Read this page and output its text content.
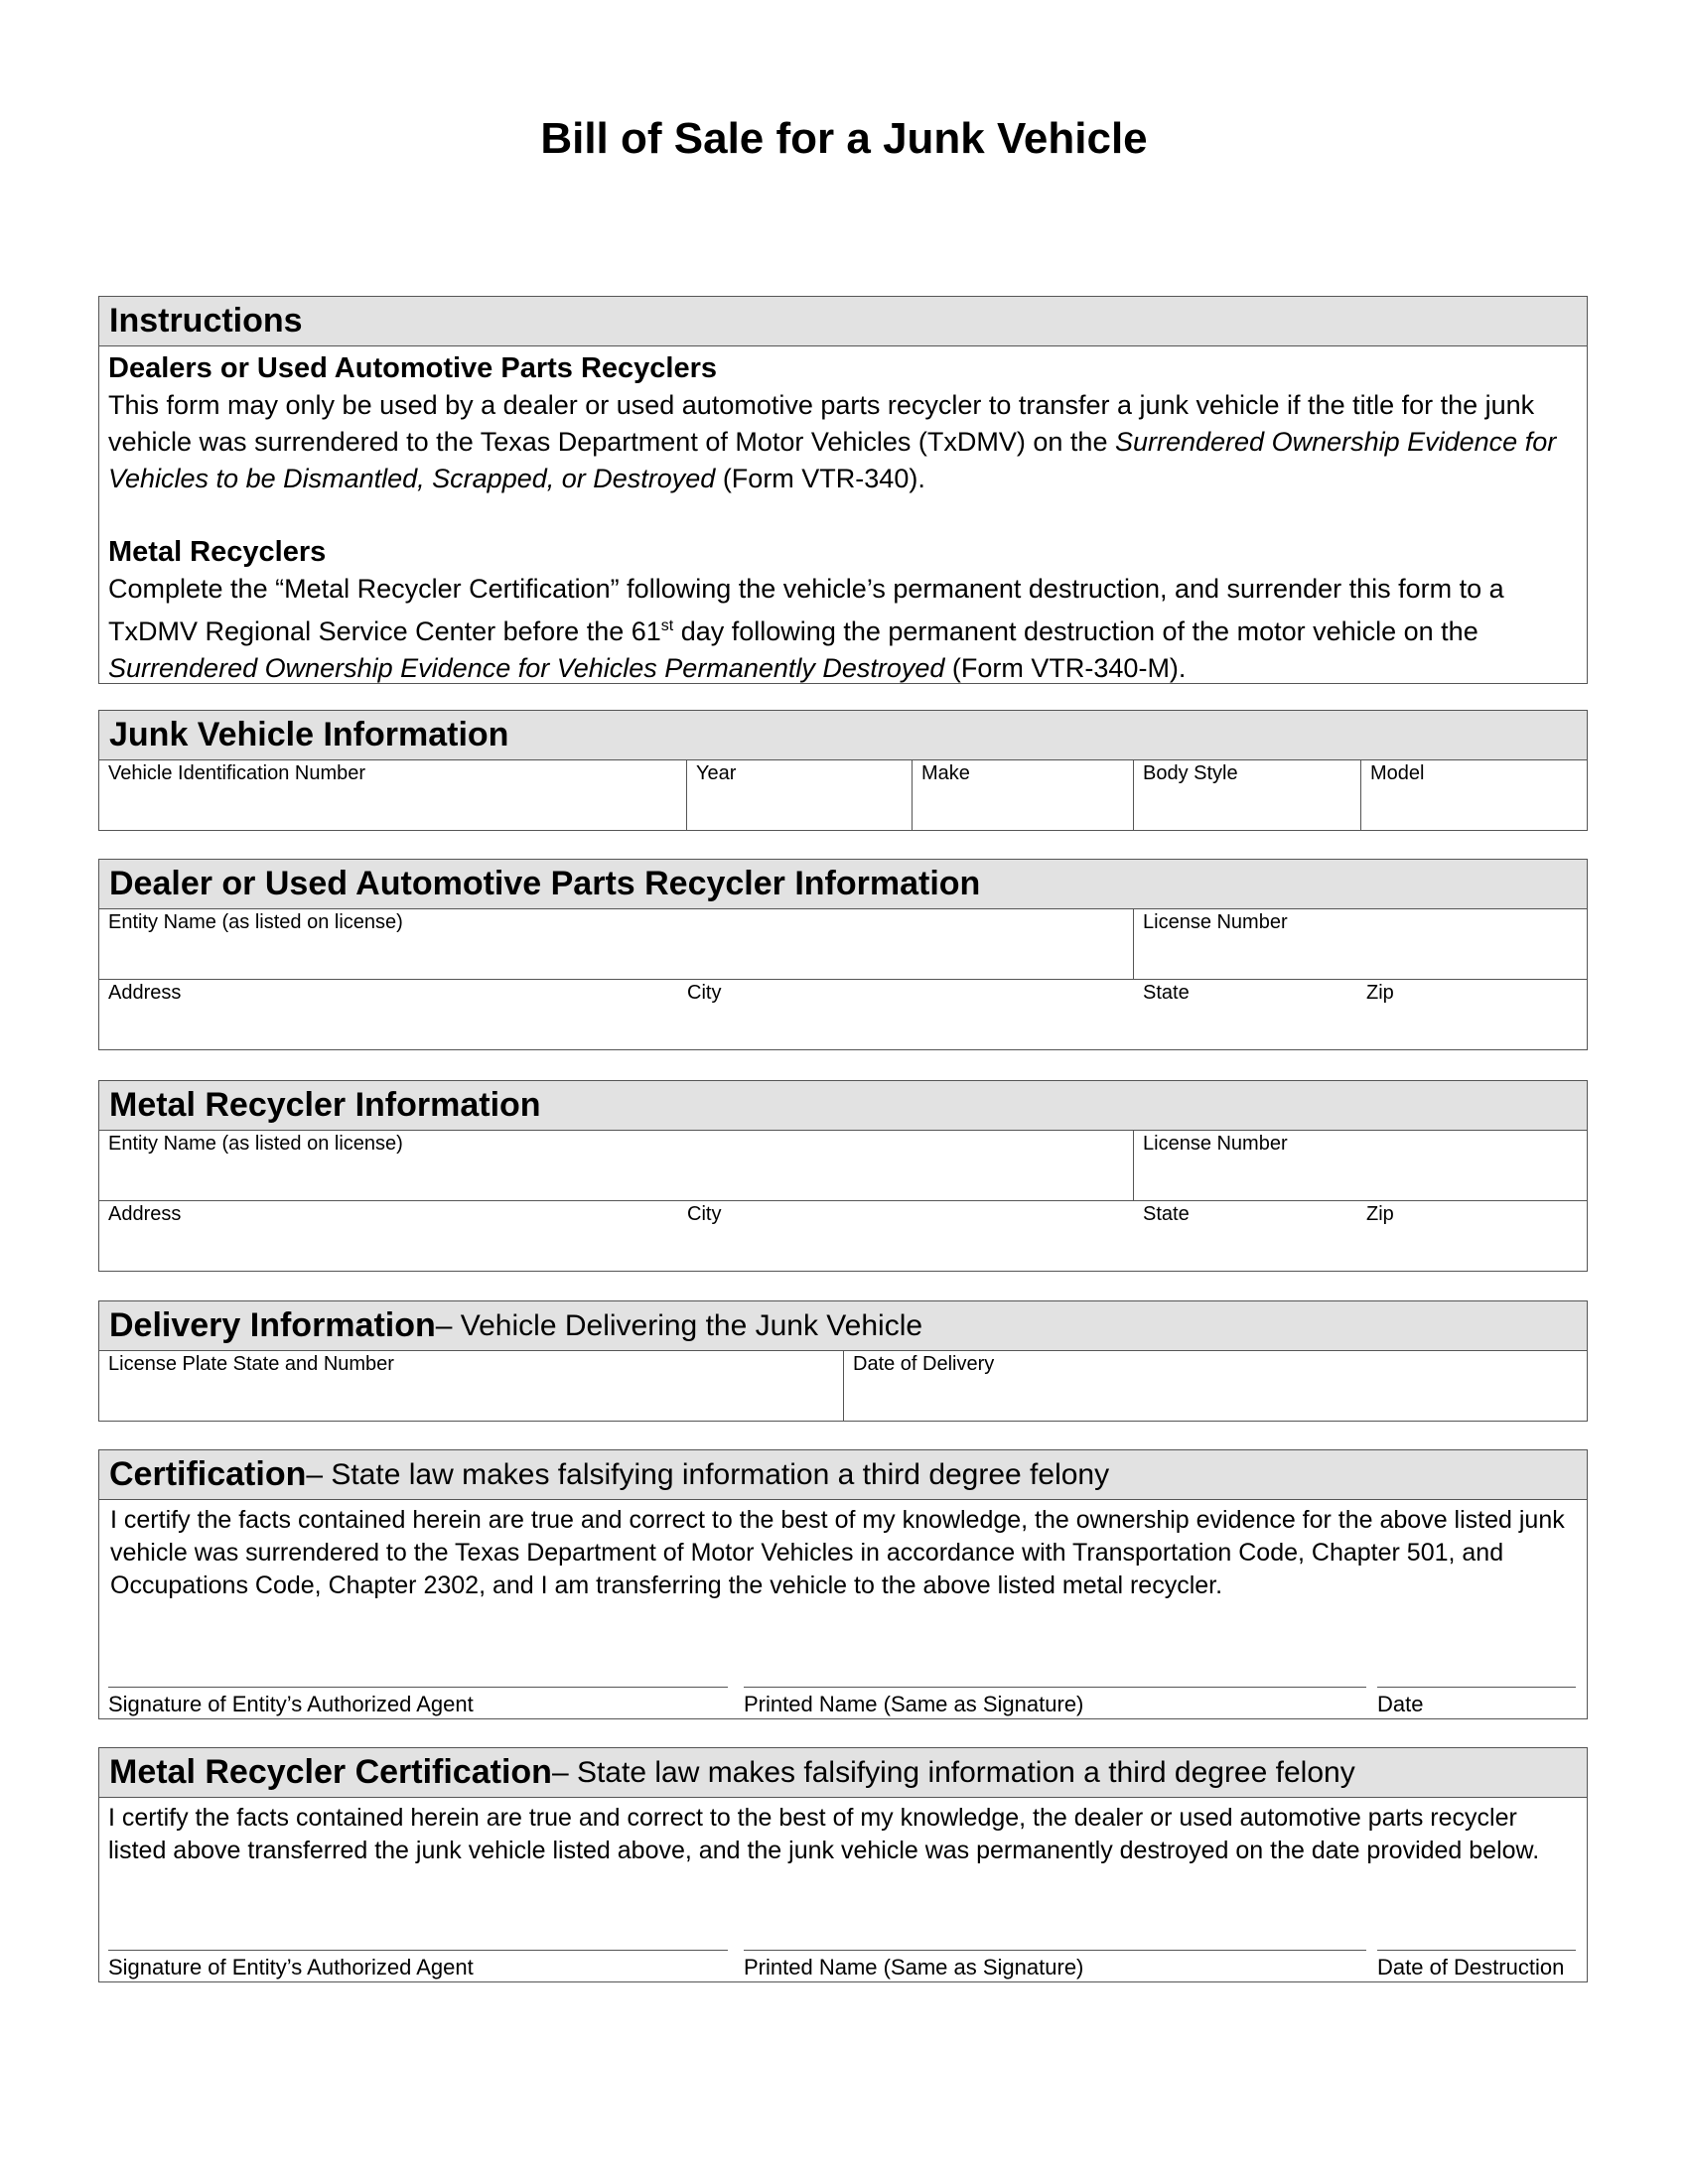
Bill of Sale for a Junk Vehicle
Instructions
Dealers or Used Automotive Parts Recyclers

This form may only be used by a dealer or used automotive parts recycler to transfer a junk vehicle if the title for the junk vehicle was surrendered to the Texas Department of Motor Vehicles (TxDMV) on the Surrendered Ownership Evidence for Vehicles to be Dismantled, Scrapped, or Destroyed (Form VTR-340).

Metal Recyclers

Complete the “Metal Recycler Certification” following the vehicle’s permanent destruction, and surrender this form to a TxDMV Regional Service Center before the 61st day following the permanent destruction of the motor vehicle on the Surrendered Ownership Evidence for Vehicles Permanently Destroyed (Form VTR-340-M).

Junk Vehicle Information
Vehicle Identification Number	Year	Make	Body Style	Model
Dealer or Used Automotive Parts Recycler Information
Entity Name (as listed on license)	License Number
Address	City	State	Zip
Metal Recycler Information
Entity Name (as listed on license)	License Number
Address	City	State	Zip
Delivery Information – Vehicle Delivering the Junk Vehicle
License Plate State and Number	Date of Delivery
Certification – State law makes falsifying information a third degree felony
I certify the facts contained herein are true and correct to the best of my knowledge, the ownership evidence for the above listed junk vehicle was surrendered to the Texas Department of Motor Vehicles in accordance with Transportation Code, Chapter 501, and Occupations Code, Chapter 2302, and I am transferring the vehicle to the above listed metal recycler.
Signature of Entity’s Authorized Agent	Printed Name (Same as Signature)	Date
Metal Recycler Certification – State law makes falsifying information a third degree felony
I certify the facts contained herein are true and correct to the best of my knowledge, the dealer or used automotive parts recycler listed above transferred the junk vehicle listed above, and the junk vehicle was permanently destroyed on the date provided below.
Signature of Entity’s Authorized Agent	Printed Name (Same as Signature)	Date of Destruction
